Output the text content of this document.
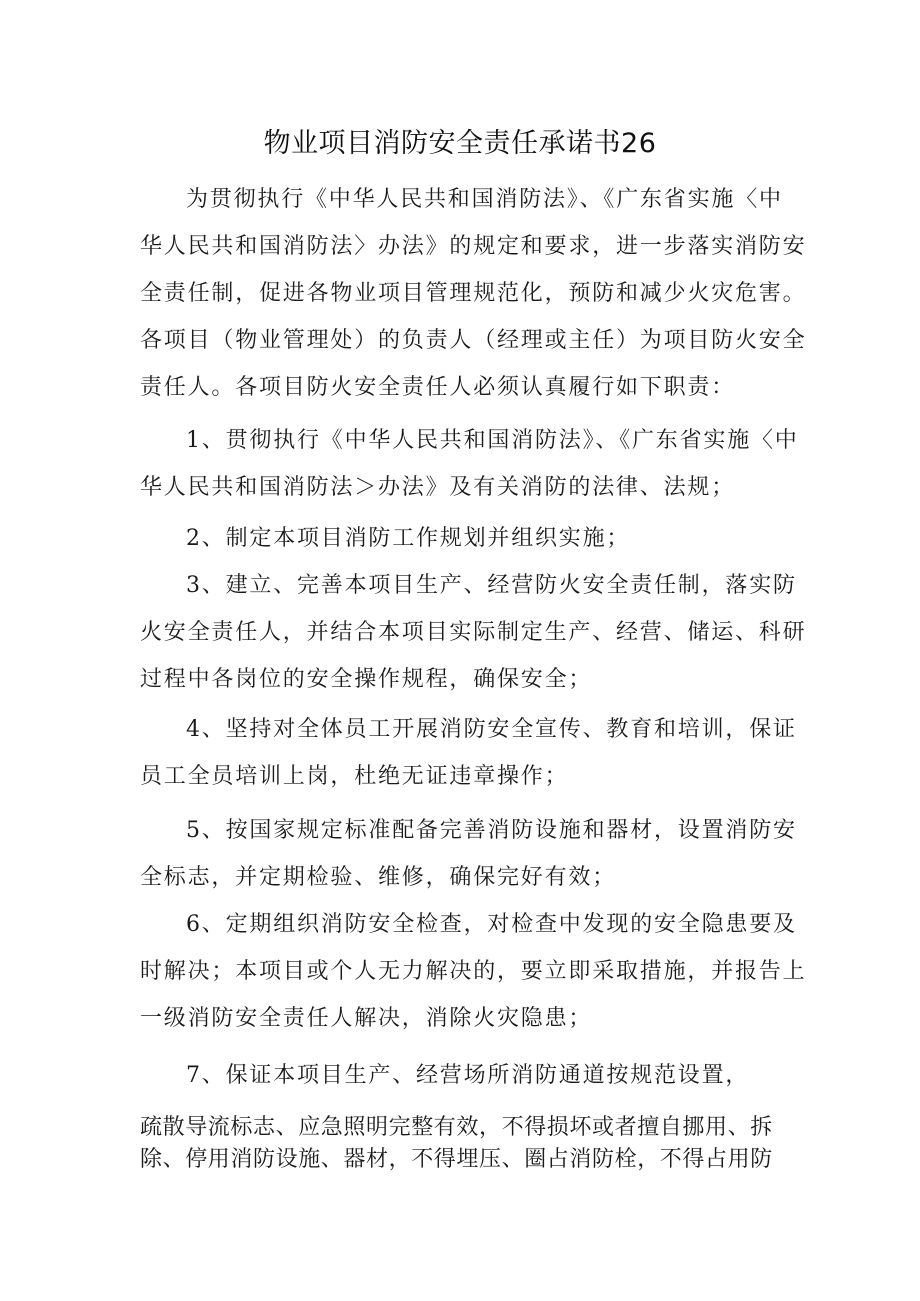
物业项目消防安全责任承诺书26

为贯彻执行《中华人民共和国消防法》、《广东省实施〈中

华人民共和国消防法〉办法》的规定和要求，进一步落实消防安

全责任制，促进各物业项目管理规范化，预防和减少火灾危害。

各项目（物业管理处）的负责人（经理或主任）为项目防火安全

责任人。各项目防火安全责任人必须认真履行如下职责：

1、贯彻执行《中华人民共和国消防法》、《广东省实施〈中

华人民共和国消防法＞办法》及有关消防的法律、法规；

2、制定本项目消防工作规划并组织实施；

3、建立、完善本项目生产、经营防火安全责任制，落实防

火安全责任人，并结合本项目实际制定生产、经营、储运、科研

过程中各岗位的安全操作规程，确保安全；

4、坚持对全体员工开展消防安全宣传、教育和培训，保证

员工全员培训上岗，杜绝无证违章操作；

5、按国家规定标准配备完善消防设施和器材，设置消防安

全标志，并定期检验、维修，确保完好有效；

6、定期组织消防安全检查，对检查中发现的安全隐患要及

时解决；本项目或个人无力解决的，要立即采取措施，并报告上

一级消防安全责任人解决，消除火灾隐患；

7、保证本项目生产、经营场所消防通道按规范设置，

疏散导流标志、应急照明完整有效，不得损坏或者擅自挪用、拆

除、停用消防设施、器材，不得埋压、圈占消防栓，不得占用防
